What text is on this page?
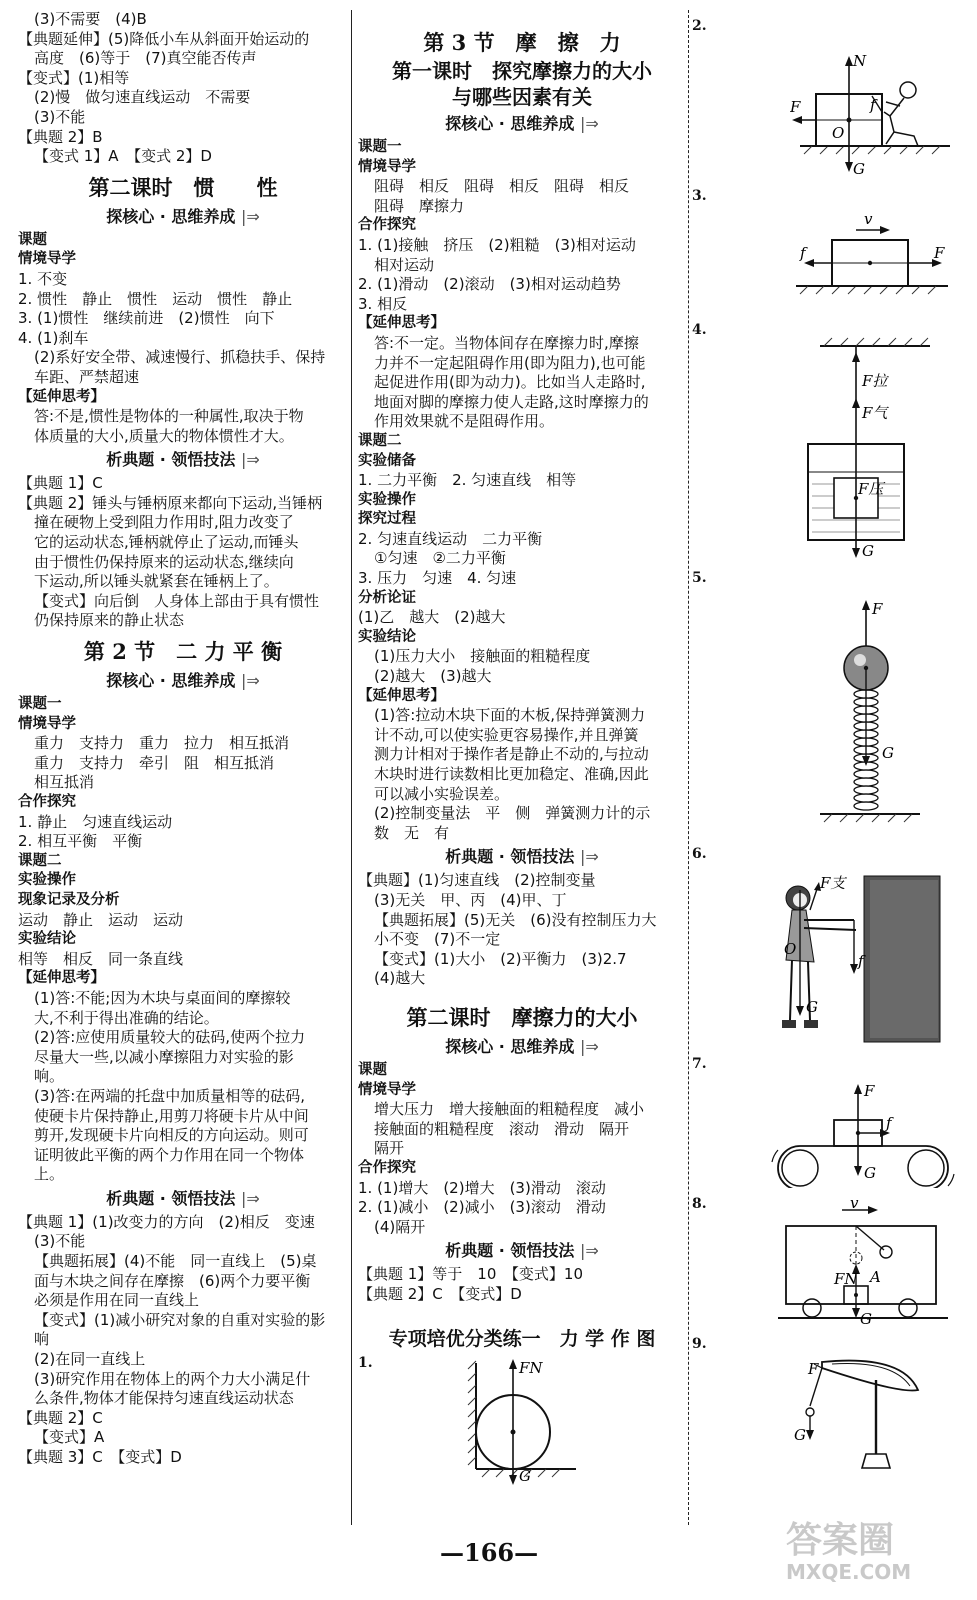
(3)不需要　(4)B
【典题延伸】(5)降低小车从斜面开始运动的
高度　(6)等于　(7)真空能否传声
【变式】(1)相等
(2)慢　做匀速直线运动　不需要
(3)不能
【典题 2】B
【变式 1】A　【变式 2】D
第二课时　惯　　性
探核心 · 思维养成 |⇒
课题
情境导学
1. 不变
2. 惯性　静止　惯性　运动　惯性　静止
3. (1)惯性　继续前进　(2)惯性　向下
4. (1)刹车
(2)系好安全带、减速慢行、抓稳扶手、保持
车距、严禁超速
【延伸思考】
答:不是,惯性是物体的一种属性,取决于物
体质量的大小,质量大的物体惯性才大。
析典题 · 领悟技法 |⇒
【典题 1】C
【典题 2】锤头与锤柄原来都向下运动,当锤柄
撞在硬物上受到阻力作用时,阻力改变了
它的运动状态,锤柄就停止了运动,而锤头
由于惯性仍保持原来的运动状态,继续向
下运动,所以锤头就紧套在锤柄上了。
【变式】向后倒　人身体上部由于具有惯性
仍保持原来的静止状态
第 2 节　二 力 平 衡
探核心 · 思维养成 |⇒
课题一
情境导学
重力　支持力　重力　拉力　相互抵消
重力　支持力　牵引　阻　相互抵消
相互抵消
合作探究
1. 静止　匀速直线运动
2. 相互平衡　平衡
课题二
实验操作
现象记录及分析
运动　静止　运动　运动
实验结论
相等　相反　同一条直线
【延伸思考】
(1)答:不能;因为木块与桌面间的摩擦较
大,不利于得出准确的结论。
(2)答:应使用质量较大的砝码,使两个拉力
尽量大一些,以减小摩擦阻力对实验的影
响。
(3)答:在两端的托盘中加质量相等的砝码,
使硬卡片保持静止,用剪刀将硬卡片从中间
剪开,发现硬卡片向相反的方向运动。则可
证明彼此平衡的两个力作用在同一个物体
上。
析典题 · 领悟技法 |⇒
【典题 1】(1)改变力的方向　(2)相反　变速
(3)不能
【典题拓展】(4)不能　同一直线上　(5)桌
面与木块之间存在摩擦　(6)两个力要平衡
必须是作用在同一直线上
【变式】(1)减小研究对象的自重对实验的影
响
(2)在同一直线上
(3)研究作用在物体上的两个力大小满足什
么条件,物体才能保持匀速直线运动状态
【典题 2】C
【变式】A
【典题 3】C　【变式】D
第 3 节　摩　擦　力
第一课时　探究摩擦力的大小
与哪些因素有关
探核心 · 思维养成 |⇒
课题一
情境导学
阻碍　相反　阻碍　相反　阻碍　相反
阻碍　摩擦力
合作探究
1. (1)接触　挤压　(2)粗糙　(3)相对运动
相对运动
2. (1)滑动　(2)滚动　(3)相对运动趋势
3. 相反
【延伸思考】
答:不一定。当物体间存在摩擦力时,摩擦
力并不一定起阻碍作用(即为阻力),也可能
起促进作用(即为动力)。比如当人走路时,
地面对脚的摩擦力使人走路,这时摩擦力的
作用效果就不是阻碍作用。
课题二
实验储备
1. 二力平衡　2. 匀速直线　相等
实验操作
探究过程
2. 匀速直线运动　二力平衡
①匀速　②二力平衡
3. 压力　匀速　4. 匀速
分析论证
(1)乙　越大　(2)越大
实验结论
(1)压力大小　接触面的粗糙程度
(2)越大　(3)越大
【延伸思考】
(1)答:拉动木块下面的木板,保持弹簧测力
计不动,可以使实验更容易操作,并且弹簧
测力计相对于操作者是静止不动的,与拉动
木块时进行读数相比更加稳定、准确,因此
可以减小实验误差。
(2)控制变量法　平　侧　弹簧测力计的示
数　无　有
析典题 · 领悟技法 |⇒
【典题】(1)匀速直线　(2)控制变量
(3)无关　甲、丙　(4)甲、丁
【典题拓展】(5)无关　(6)没有控制压力大
小不变　(7)不一定
【变式】(1)大小　(2)平衡力　(3)2.7
(4)越大
第二课时　摩擦力的大小
探核心 · 思维养成 |⇒
课题
情境导学
增大压力　增大接触面的粗糙程度　减小
接触面的粗糙程度　滚动　滑动　隔开
隔开
合作探究
1. (1)增大　(2)增大　(3)滑动　滚动
2. (1)减小　(2)减小　(3)滚动　滑动
(4)隔开
析典题 · 领悟技法 |⇒
【典题 1】等于　10　【变式】10
【典题 2】C　【变式】D
专项培优分类练一　力 学 作 图
1.	FN
G
2.
N
F
O
f
G
3.
v
f	F
4.
F拉
F气
F压
G
5.
F
G
6.
F支
O
f
G
7.
F
f
G
8.	v
FN A
G
9.
F
G
—166—	答案圈
MXQE.COM
